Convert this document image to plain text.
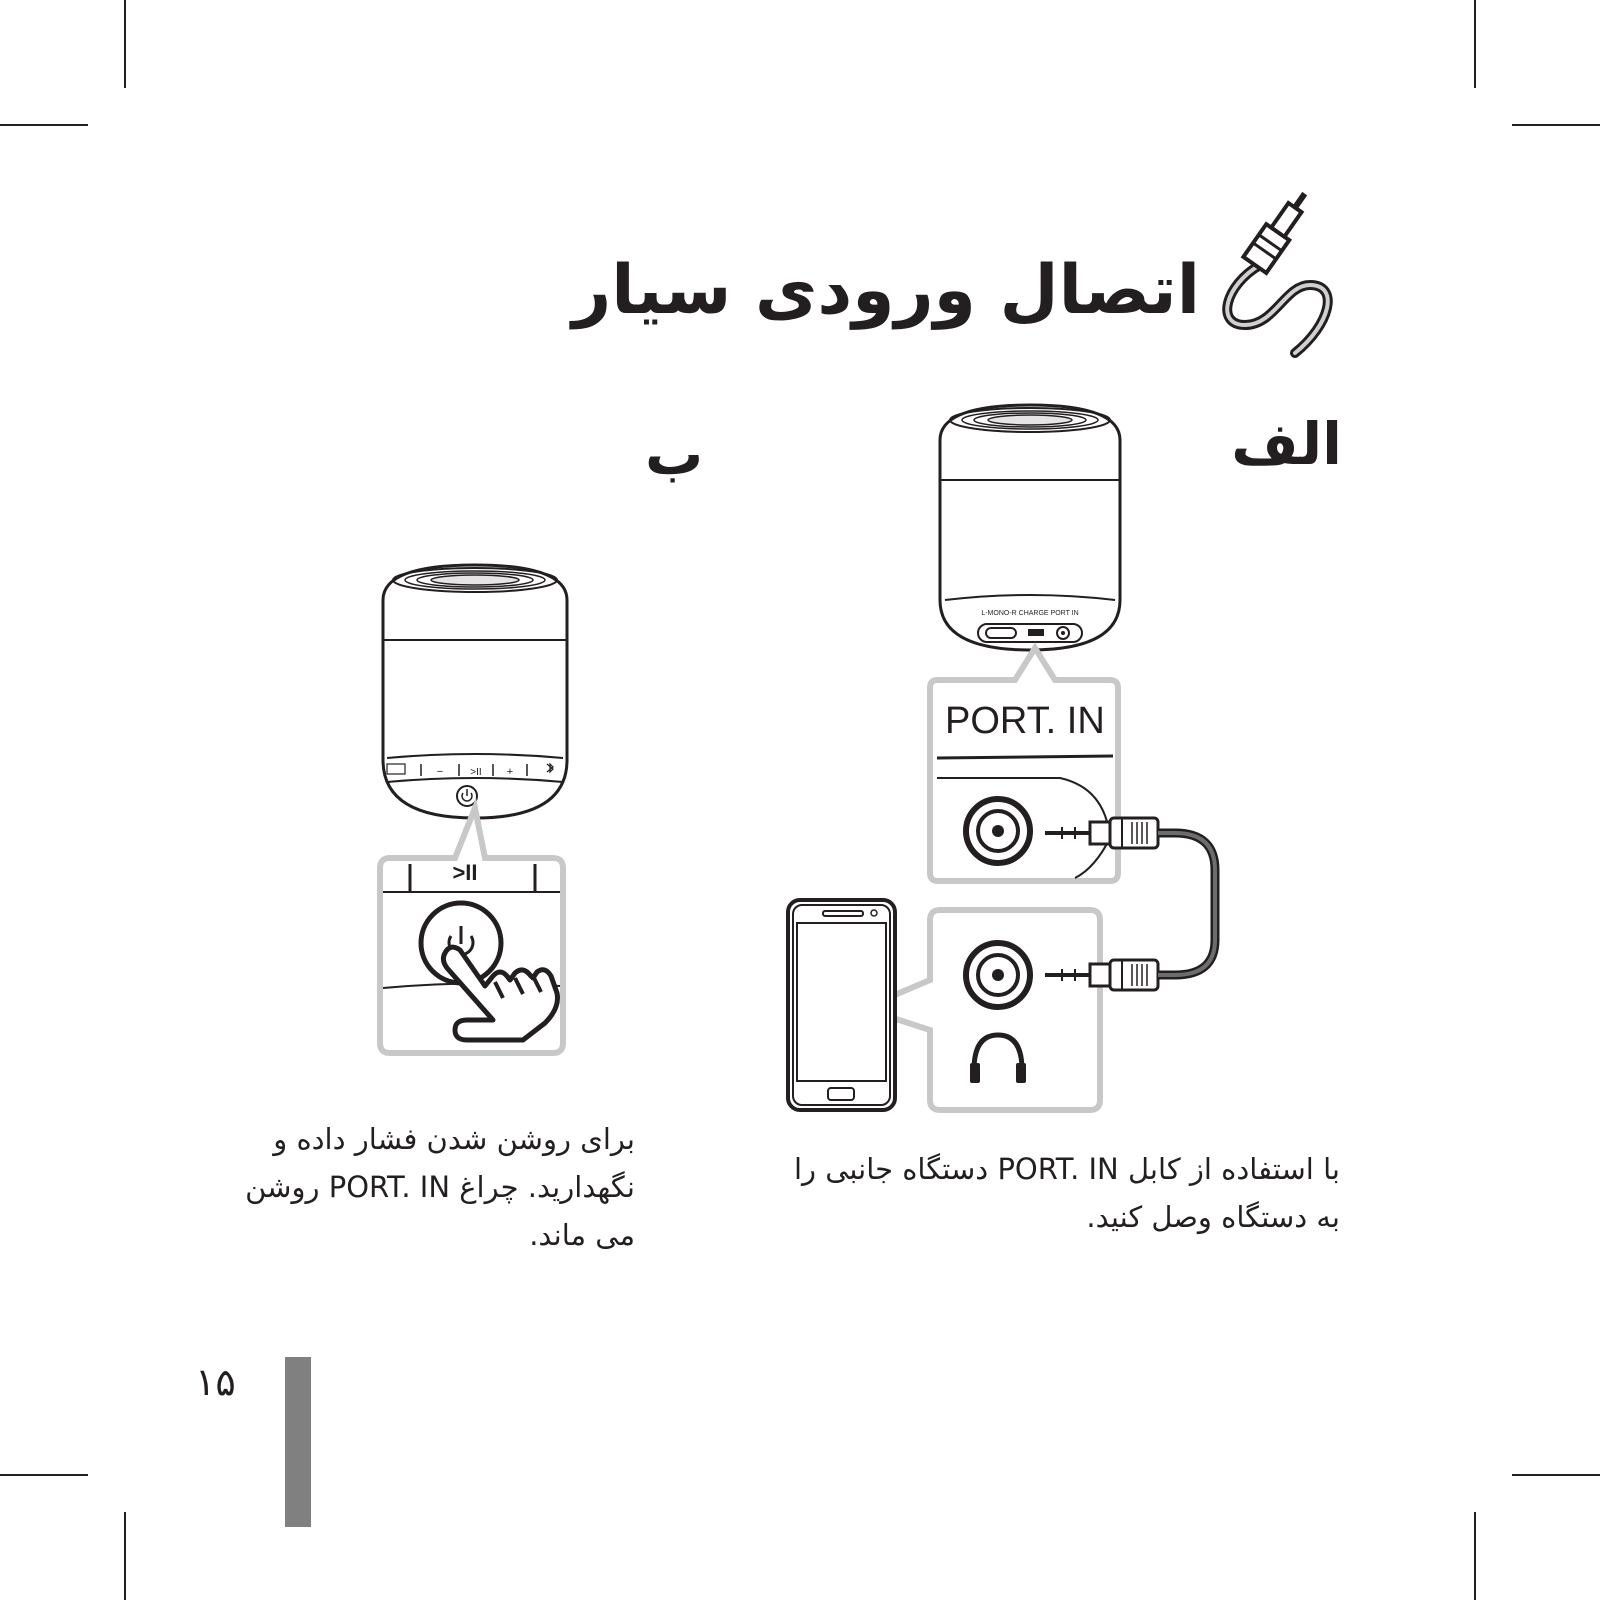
اتصال ورودی سیار
الف
ب
L-MONO-R CHARGE PORT IN
PORT. IN
−	>II +
>II
با استفاده از کابل PORT. IN دستگاه جانبی را به دستگاه وصل کنید.
برای روشن شدن فشار داده و نگهدارید. چراغ PORT. IN روشن می ماند.
۱۵
